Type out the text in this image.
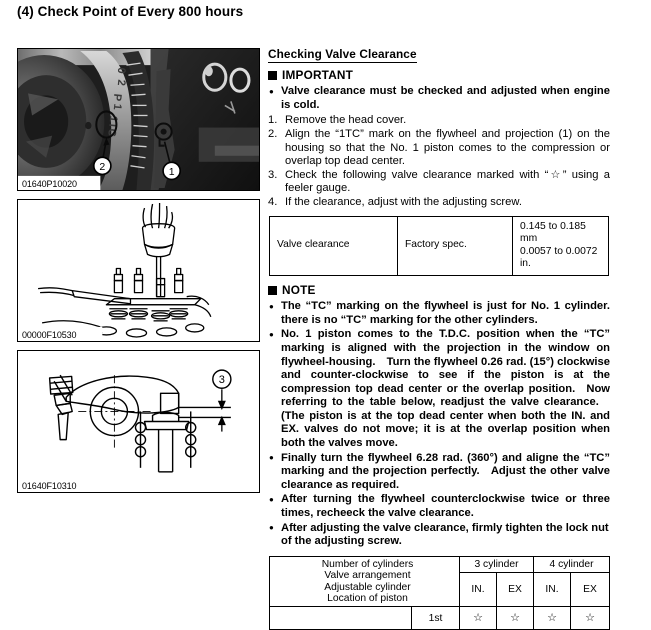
(4) Check Point of Every 800 hours
0
2
P
1
1TC
2	1
01640P10020
00000F10530
3
01640F10310
Checking Valve Clearance
IMPORTANT
● Valve clearance must be checked and adjusted when engine is cold.
Remove the head cover.
Align the “1TC” mark on the flywheel and projection (1) on the housing so that the No. 1 piston comes to the compression or overlap top dead center.
Check the following valve clearance marked with “☆” using a feeler gauge.
If the clearance, adjust with the adjusting screw.
Valve clearance	Factory spec.	0.145 to 0.185 mm
0.0057 to 0.0072 in.
NOTE
● The “TC” marking on the flywheel is just for No. 1 cylinder. there is no “TC” marking for the other cylinders.
● No. 1 piston comes to the T.D.C. position when the “TC” marking is aligned with the projection in the window on flywheel-housing.  Turn the flywheel 0.26 rad. (15°) clockwise and counter-clockwise to see if the piston is at the compression top dead center or the overlap position.  Now referring to the table below, readjust the valve clearance.  (The piston is at the top dead center when both the IN. and EX. valves do not move; it is at the overlap position when both the valves move.
● Finally turn the flywheel 6.28 rad. (360°) and aligne the “TC” marking and the projection perfectly.  Adjust the other valve clearance as required.
● After turning the flywheel counterclockwise twice or three times, recheeck the valve clearance.
● After adjusting the valve clearance, firmly tighten the lock nut of the adjusting screw.
Number of cylinders
Valve arrangement
Adjustable cylinder
Location of piston		3 cylinder		4 cylinder	
		IN.	EX	IN.	EX
	1st	☆	☆	☆	☆
